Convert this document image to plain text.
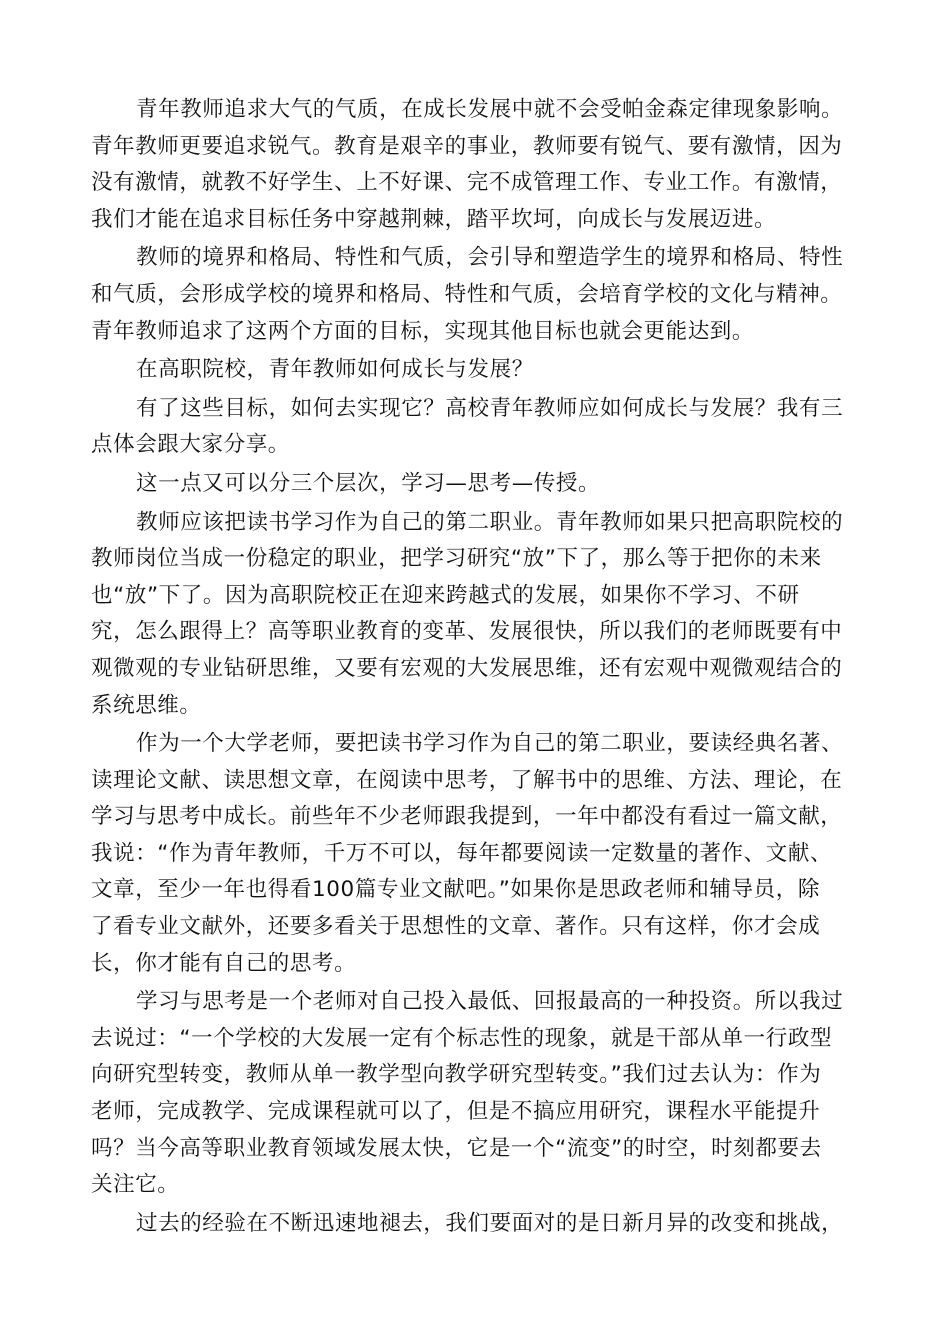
青年教师追求大气的气质，在成长发展中就不会受帕金森定律现象影响。
青年教师更要追求锐气。教育是艰辛的事业，教师要有锐气、要有激情，因为
没有激情，就教不好学生、上不好课、完不成管理工作、专业工作。有激情，
我们才能在追求目标任务中穿越荆棘，踏平坎坷，向成长与发展迈进。

教师的境界和格局、特性和气质，会引导和塑造学生的境界和格局、特性
和气质，会形成学校的境界和格局、特性和气质，会培育学校的文化与精神。
青年教师追求了这两个方面的目标，实现其他目标也就会更能达到。

在高职院校，青年教师如何成长与发展？

有了这些目标，如何去实现它？高校青年教师应如何成长与发展？我有三
点体会跟大家分享。

这一点又可以分三个层次，学习—思考—传授。

教师应该把读书学习作为自己的第二职业。青年教师如果只把高职院校的
教师岗位当成一份稳定的职业，把学习研究“放”下了，那么等于把你的未来
也“放”下了。因为高职院校正在迎来跨越式的发展，如果你不学习、不研
究，怎么跟得上？高等职业教育的变革、发展很快，所以我们的老师既要有中
观微观的专业钻研思维，又要有宏观的大发展思维，还有宏观中观微观结合的
系统思维。

作为一个大学老师，要把读书学习作为自己的第二职业，要读经典名著、
读理论文献、读思想文章，在阅读中思考，了解书中的思维、方法、理论，在
学习与思考中成长。前些年不少老师跟我提到，一年中都没有看过一篇文献，
我说：“作为青年教师，千万不可以，每年都要阅读一定数量的著作、文献、
文章，至少一年也得看100篇专业文献吧。”如果你是思政老师和辅导员，除
了看专业文献外，还要多看关于思想性的文章、著作。只有这样，你才会成
长，你才能有自己的思考。

学习与思考是一个老师对自己投入最低、回报最高的一种投资。所以我过
去说过：“一个学校的大发展一定有个标志性的现象，就是干部从单一行政型
向研究型转变，教师从单一教学型向教学研究型转变。”我们过去认为：作为
老师，完成教学、完成课程就可以了，但是不搞应用研究，课程水平能提升
吗？当今高等职业教育领域发展太快，它是一个“流变”的时空，时刻都要去
关注它。

过去的经验在不断迅速地褪去，我们要面对的是日新月异的改变和挑战，
